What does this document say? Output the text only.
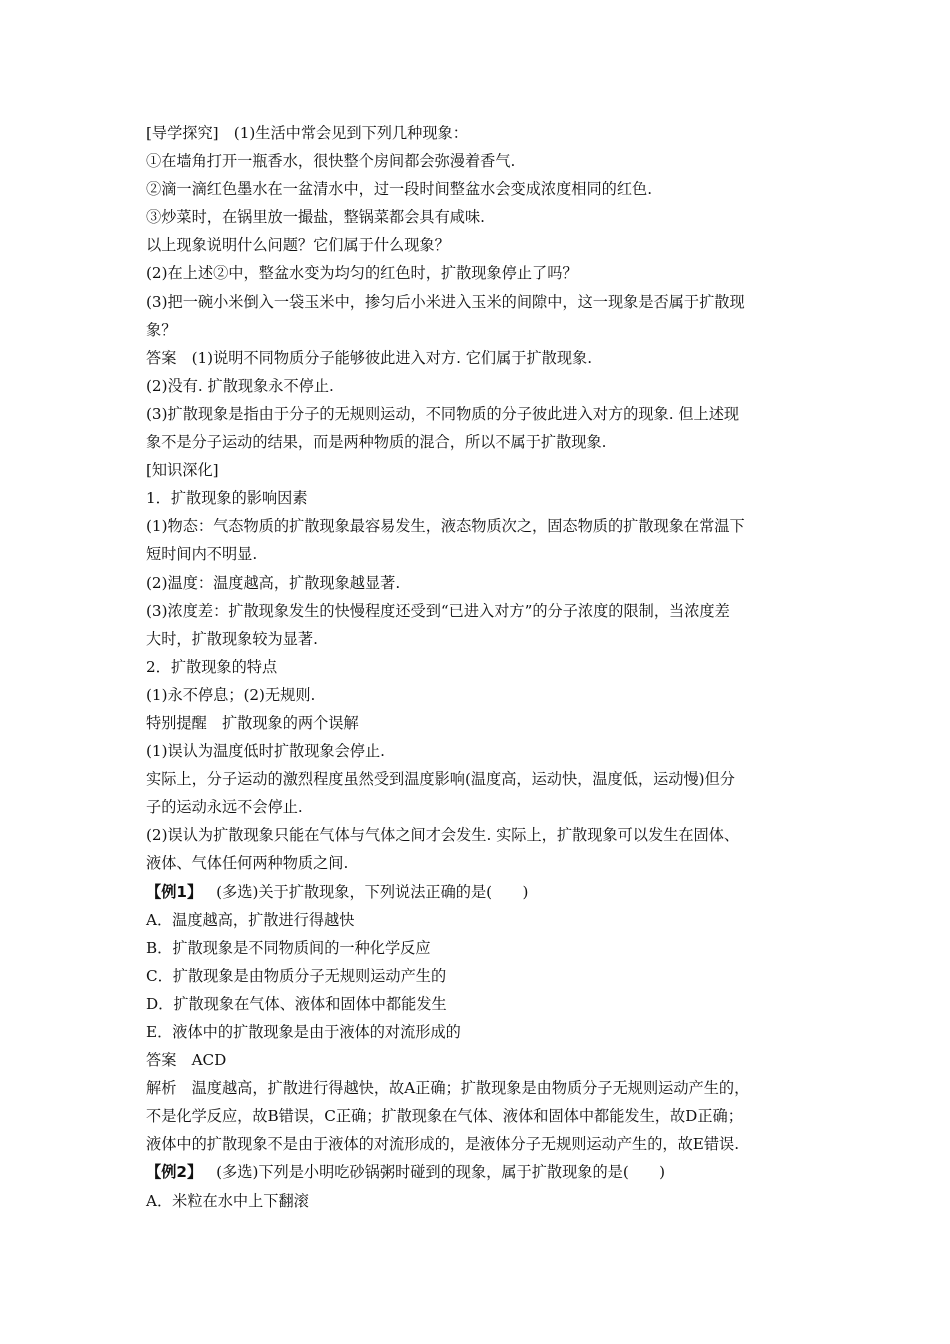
[导学探究]　(1)生活中常会见到下列几种现象：
①在墙角打开一瓶香水，很快整个房间都会弥漫着香气.
②滴一滴红色墨水在一盆清水中，过一段时间整盆水会变成浓度相同的红色.
③炒菜时，在锅里放一撮盐，整锅菜都会具有咸味.
以上现象说明什么问题？它们属于什么现象？
(2)在上述②中，整盆水变为均匀的红色时，扩散现象停止了吗？
(3)把一碗小米倒入一袋玉米中，掺匀后小米进入玉米的间隙中，这一现象是否属于扩散现
象？
答案　(1)说明不同物质分子能够彼此进入对方. 它们属于扩散现象.
(2)没有. 扩散现象永不停止.
(3)扩散现象是指由于分子的无规则运动，不同物质的分子彼此进入对方的现象. 但上述现
象不是分子运动的结果，而是两种物质的混合，所以不属于扩散现象.
[知识深化]
1．扩散现象的影响因素
(1)物态：气态物质的扩散现象最容易发生，液态物质次之，固态物质的扩散现象在常温下
短时间内不明显.
(2)温度：温度越高，扩散现象越显著.
(3)浓度差：扩散现象发生的快慢程度还受到“已进入对方”的分子浓度的限制，当浓度差
大时，扩散现象较为显著.
2．扩散现象的特点
(1)永不停息；(2)无规则.
特别提醒　扩散现象的两个误解
(1)误认为温度低时扩散现象会停止.
实际上，分子运动的激烈程度虽然受到温度影响(温度高，运动快，温度低，运动慢)但分
子的运动永远不会停止.
(2)误认为扩散现象只能在气体与气体之间才会发生. 实际上，扩散现象可以发生在固体、
液体、气体任何两种物质之间.
【例1】 (多选)关于扩散现象，下列说法正确的是(　　)
A．温度越高，扩散进行得越快
B．扩散现象是不同物质间的一种化学反应
C．扩散现象是由物质分子无规则运动产生的
D．扩散现象在气体、液体和固体中都能发生
E．液体中的扩散现象是由于液体的对流形成的
答案　ACD
解析　温度越高，扩散进行得越快，故A正确；扩散现象是由物质分子无规则运动产生的，
不是化学反应，故B错误，C正确；扩散现象在气体、液体和固体中都能发生，故D正确；
液体中的扩散现象不是由于液体的对流形成的，是液体分子无规则运动产生的，故E错误.
【例2】 (多选)下列是小明吃砂锅粥时碰到的现象，属于扩散现象的是(　　)
A．米粒在水中上下翻滚
